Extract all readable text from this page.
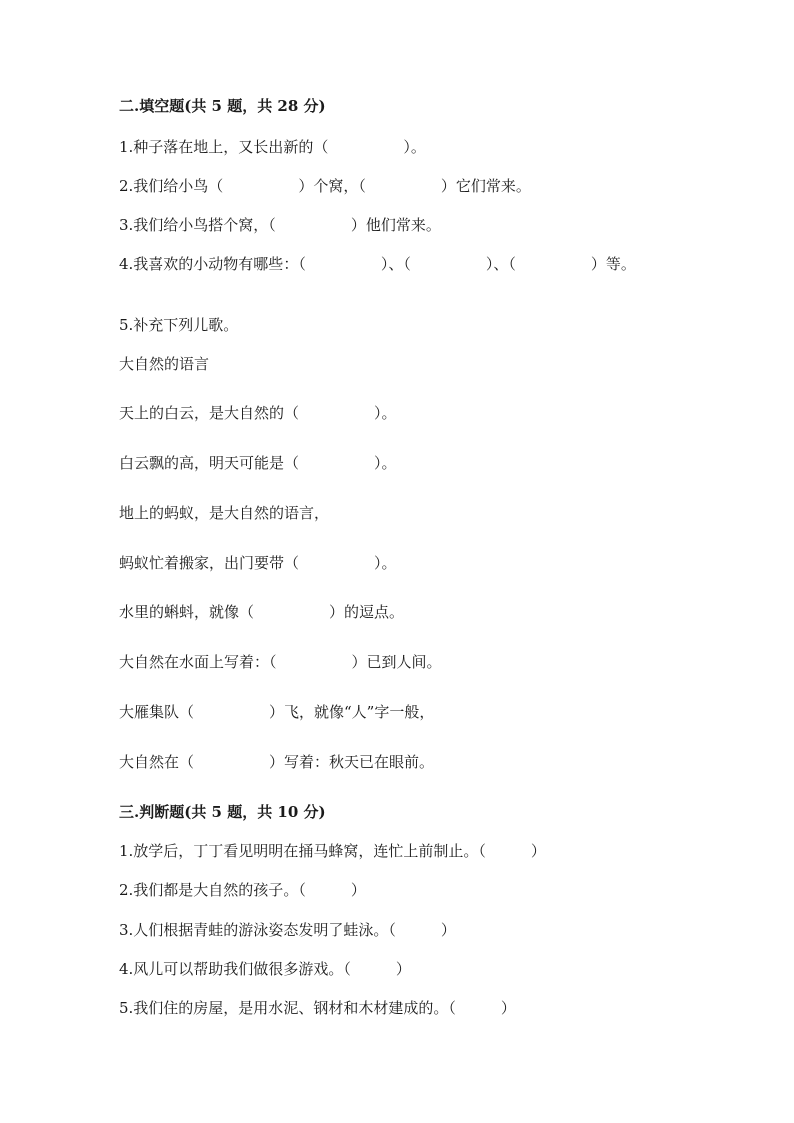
二.填空题(共 5 题，共 28 分)
1.种子落在地上，又长出新的（　　　　　）。
2.我们给小鸟（　　　　　）个窝，（　　　　　）它们常来。
3.我们给小鸟搭个窝，（　　　　　）他们常来。
4.我喜欢的小动物有哪些：（　　　　　）、（　　　　　）、（　　　　　）等。
5.补充下列儿歌。
大自然的语言
天上的白云，是大自然的（　　　　　）。
白云飘的高，明天可能是（　　　　　）。
地上的蚂蚁，是大自然的语言，
蚂蚁忙着搬家，出门要带（　　　　　）。
水里的蝌蚪，就像（　　　　　）的逗点。
大自然在水面上写着：（　　　　　）已到人间。
大雁集队（　　　　　）飞，就像“人”字一般，
大自然在（　　　　　）写着：秋天已在眼前。
三.判断题(共 5 题，共 10 分)
1.放学后，丁丁看见明明在捅马蜂窝，连忙上前制止。（　　　）
2.我们都是大自然的孩子。（　　　）
3.人们根据青蛙的游泳姿态发明了蛙泳。（　　　）
4.风儿可以帮助我们做很多游戏。（　　　）
5.我们住的房屋，是用水泥、钢材和木材建成的。（　　　）
